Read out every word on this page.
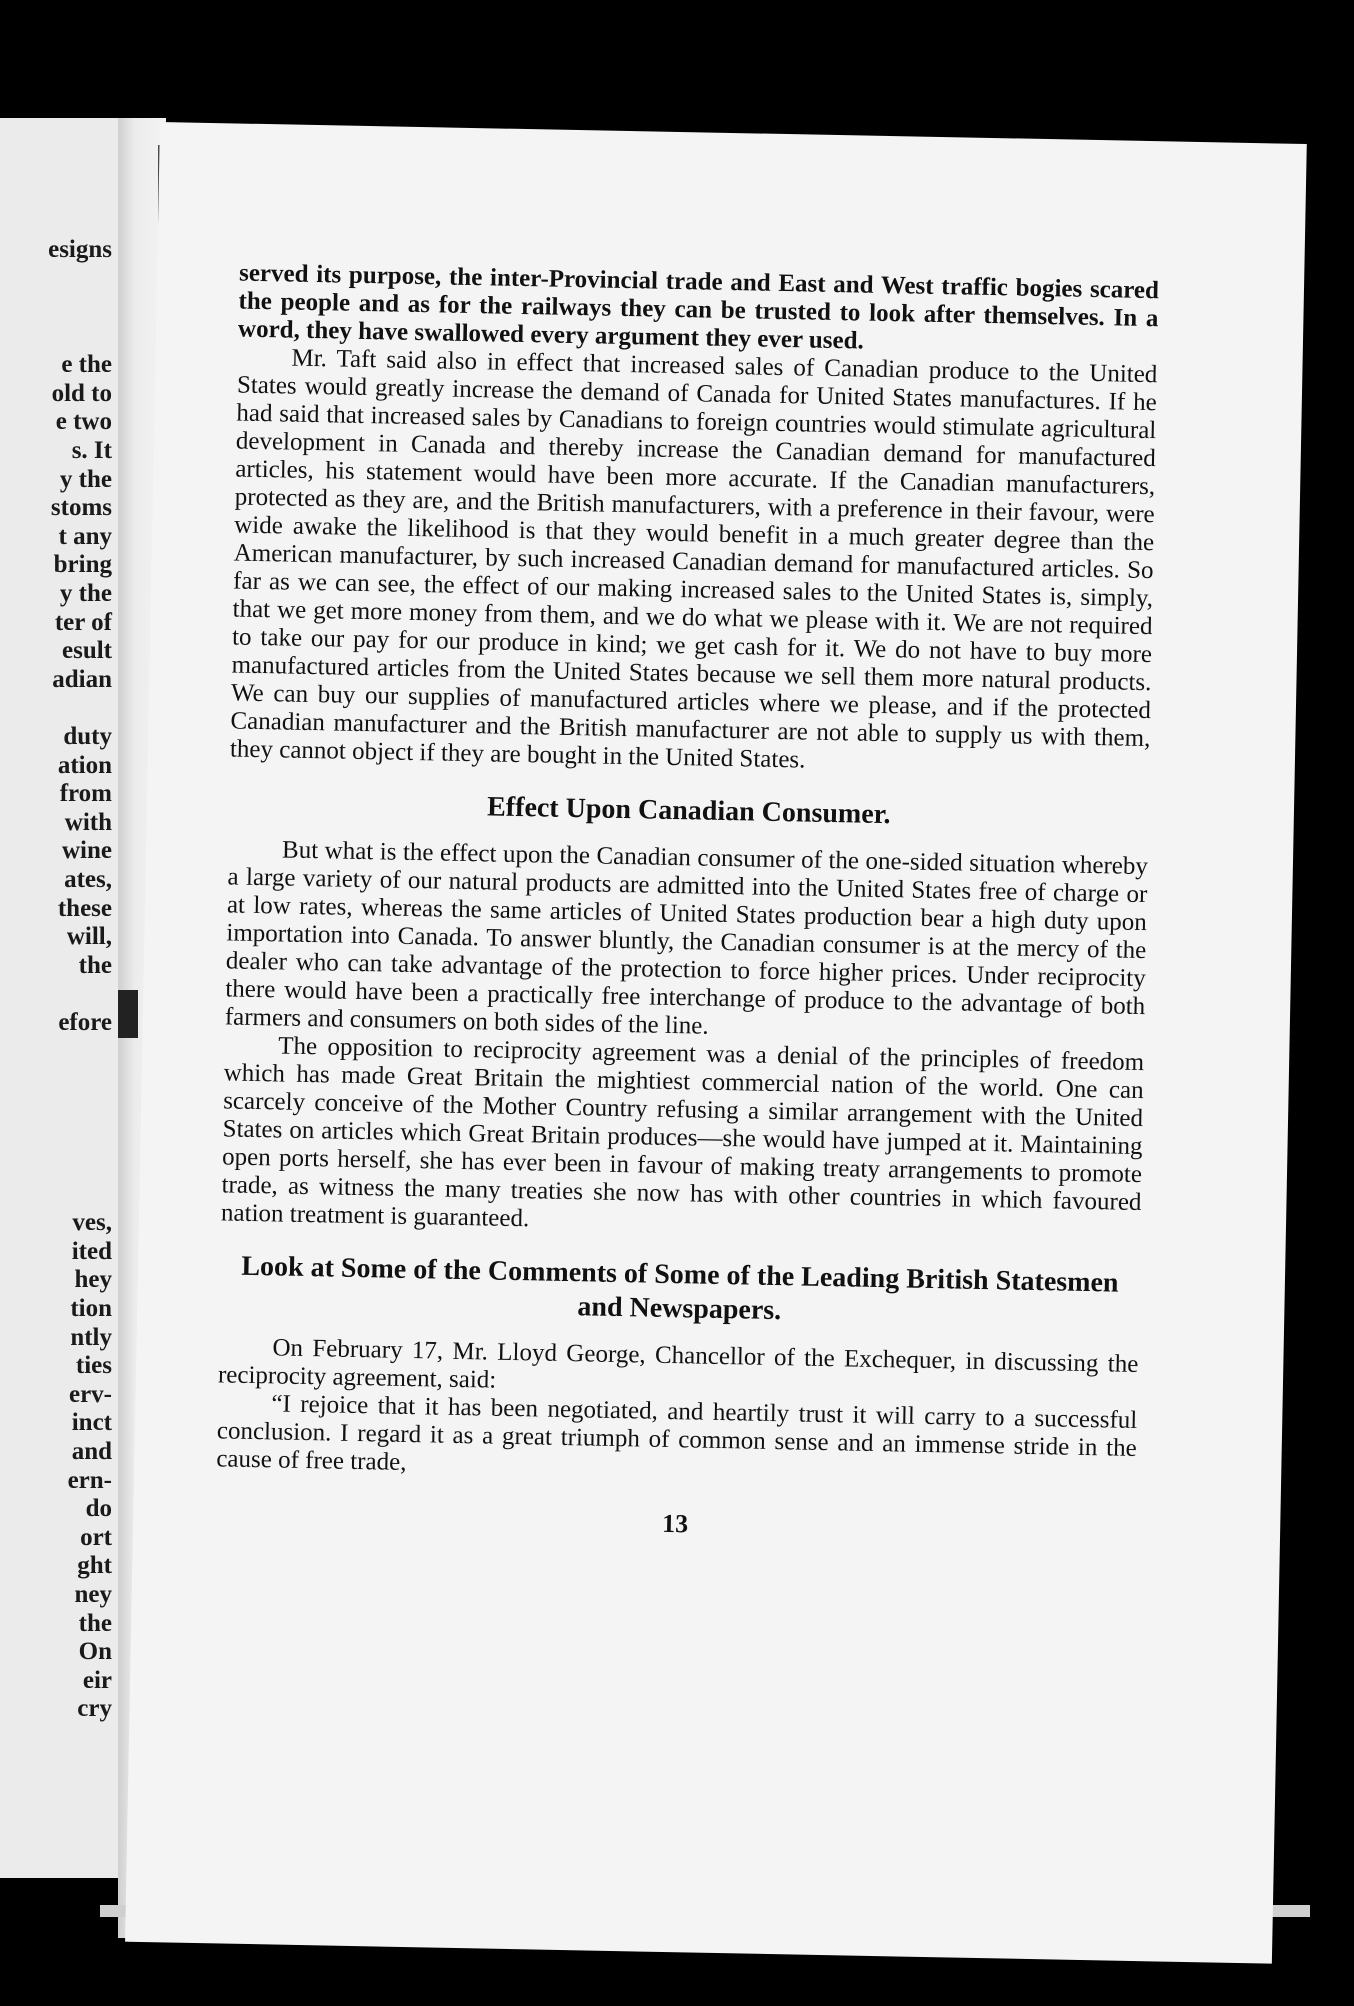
esigns
e the
old to
e two
s. It
y the
stoms
t any
bring
y the
ter of
esult
adian
duty
ation
from
with
wine
ates,
these
will,
the
efore
ves,
ited
hey
tion
ntly
ties
erv-
inct
and
ern-
do
ort
ght
ney
the
On
eir
cry

served its purpose, the inter-Provincial trade and East and West traffic bogies scared the people and as for the railways they can be trusted to look after themselves. In a word, they have swallowed every argument they ever used.

Mr. Taft said also in effect that increased sales of Canadian produce to the United States would greatly increase the demand of Canada for United States manufactures. If he had said that increased sales by Canadians to foreign countries would stimulate agricultural development in Canada and thereby increase the Canadian demand for manufactured articles, his statement would have been more accurate. If the Canadian manufacturers, protected as they are, and the British manufacturers, with a preference in their favour, were wide awake the likelihood is that they would benefit in a much greater degree than the American manufacturer, by such increased Canadian demand for manufactured articles. So far as we can see, the effect of our making increased sales to the United States is, simply, that we get more money from them, and we do what we please with it. We are not required to take our pay for our produce in kind; we get cash for it. We do not have to buy more manufactured articles from the United States because we sell them more natural products. We can buy our supplies of manufactured articles where we please, and if the protected Canadian manufacturer and the British manufacturer are not able to supply us with them, they cannot object if they are bought in the United States.

Effect Upon Canadian Consumer.

But what is the effect upon the Canadian consumer of the one-sided situation whereby a large variety of our natural products are admitted into the United States free of charge or at low rates, whereas the same articles of United States production bear a high duty upon importation into Canada. To answer bluntly, the Canadian consumer is at the mercy of the dealer who can take advantage of the protection to force higher prices. Under reciprocity there would have been a practically free interchange of produce to the advantage of both farmers and consumers on both sides of the line.

The opposition to reciprocity agreement was a denial of the principles of freedom which has made Great Britain the mightiest commercial nation of the world. One can scarcely conceive of the Mother Country refusing a similar arrangement with the United States on articles which Great Britain produces—she would have jumped at it. Maintaining open ports herself, she has ever been in favour of making treaty arrangements to promote trade, as witness the many treaties she now has with other countries in which favoured nation treatment is guaranteed.

Look at Some of the Comments of Some of the Leading British Statesmen and Newspapers.

On February 17, Mr. Lloyd George, Chancellor of the Exchequer, in discussing the reciprocity agreement, said:

“I rejoice that it has been negotiated, and heartily trust it will carry to a successful conclusion. I regard it as a great triumph of common sense and an immense stride in the cause of free trade,

13
